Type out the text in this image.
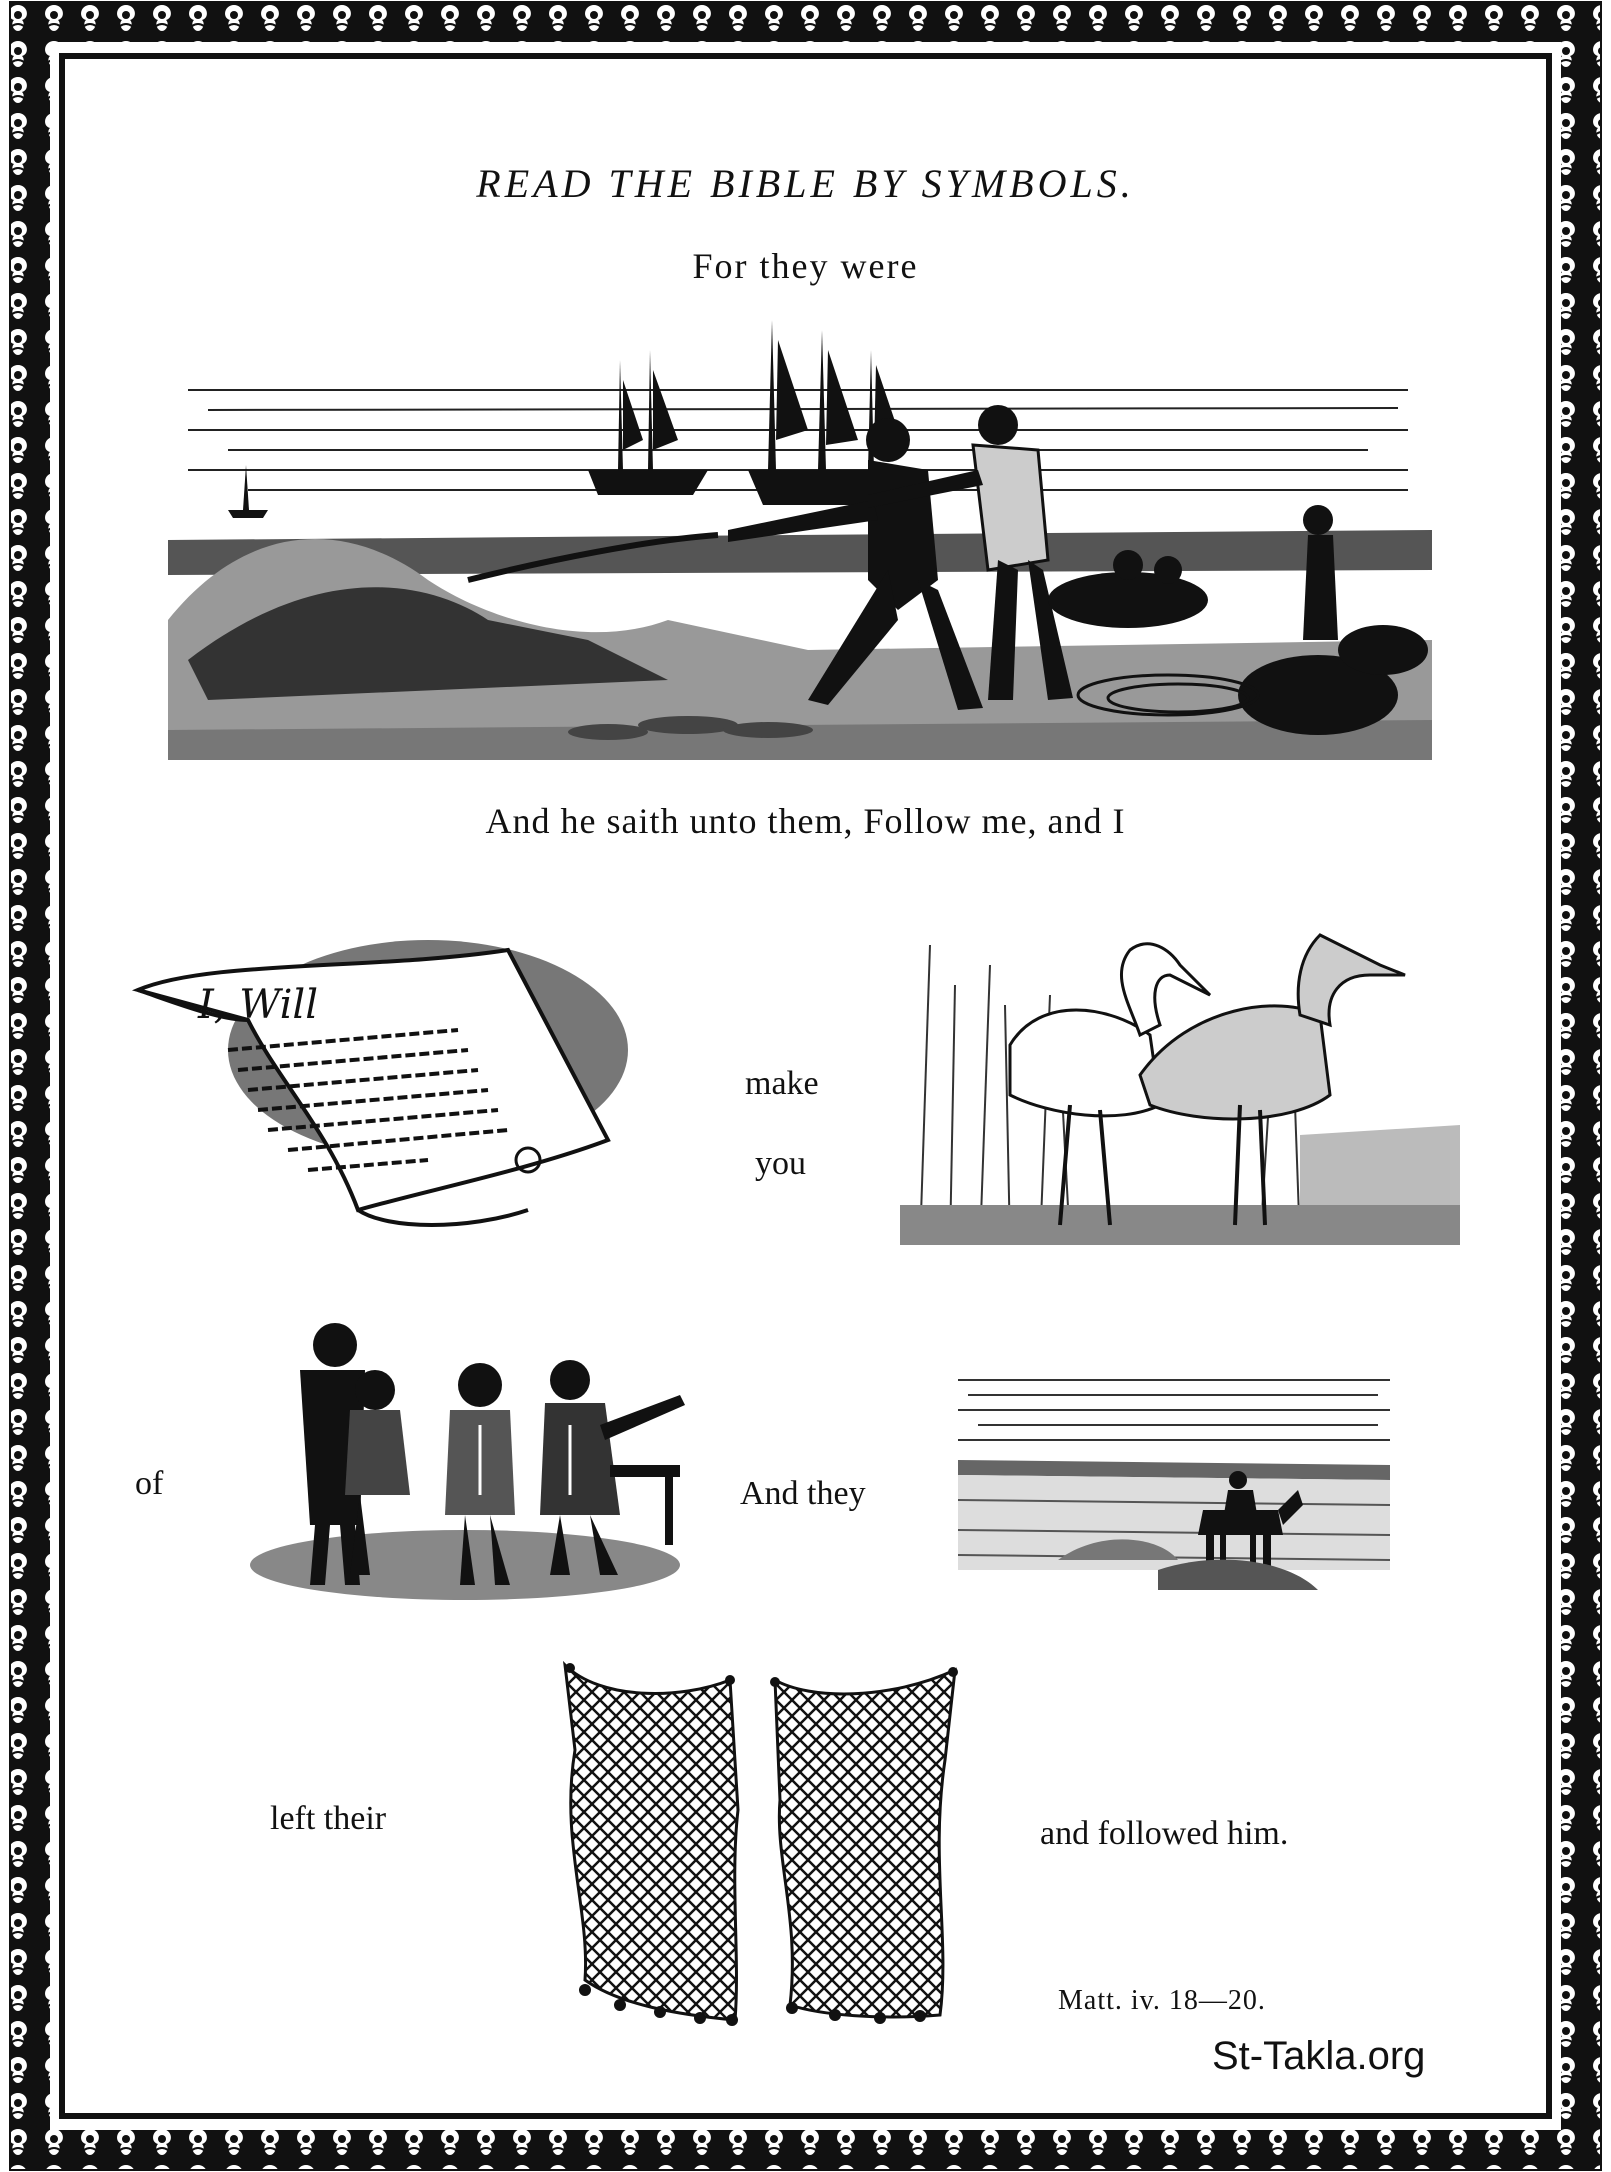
READ THE BIBLE BY SYMBOLS.
For they were
And he saith unto them, Follow me, and I
I, Will
make
you
of	And they
left their	and followed him.
Matt. iv. 18—20.
St-Takla.org
